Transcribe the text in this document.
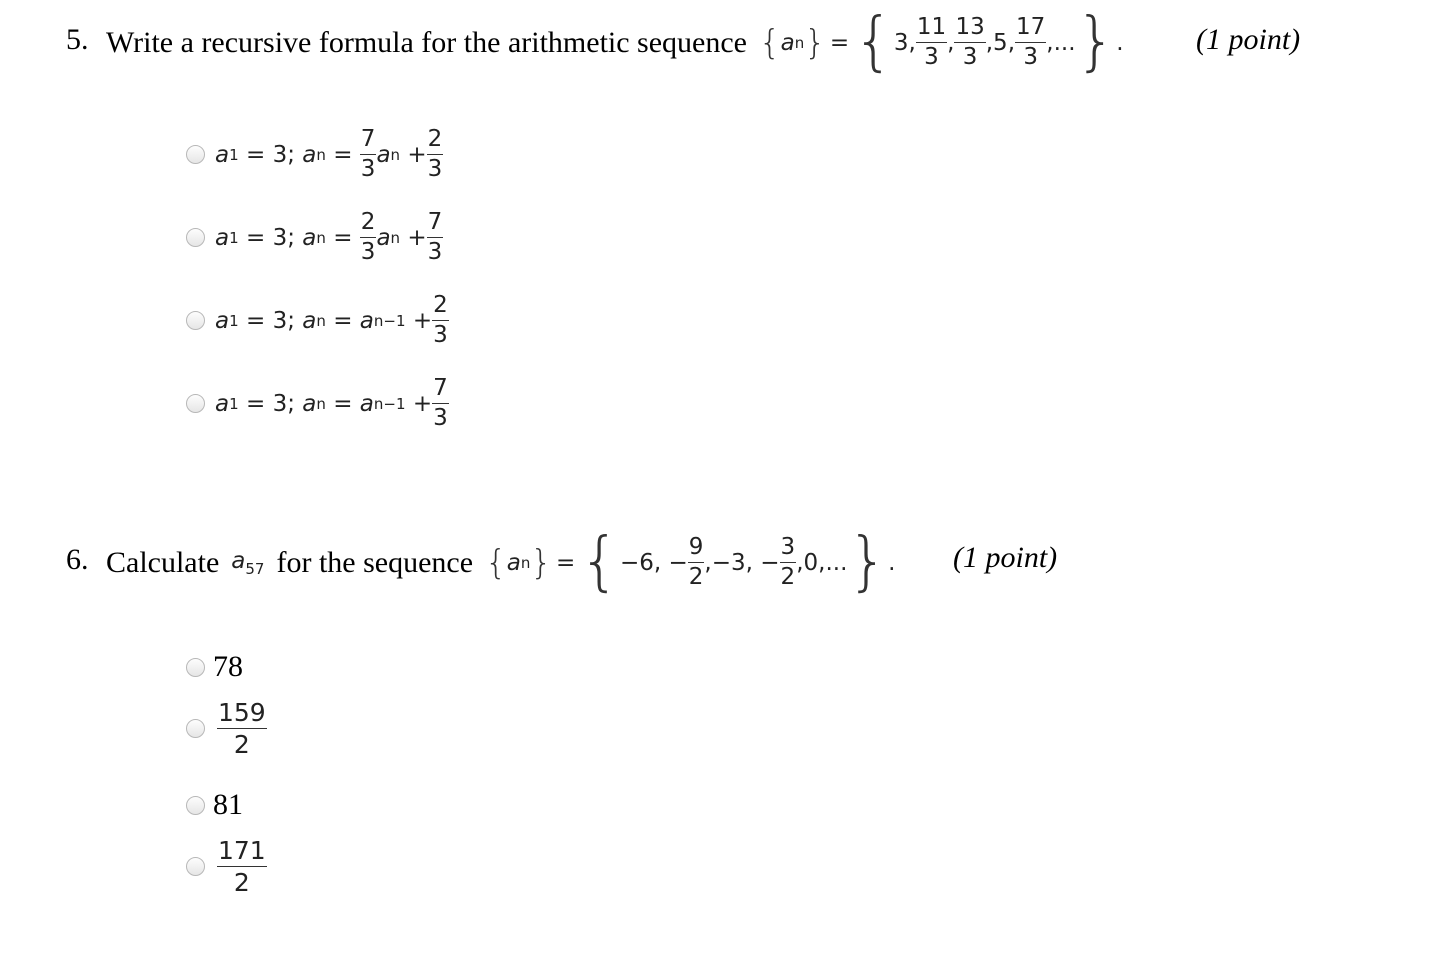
5. Write a recursive formula for the arithmetic sequence { a n } = { 3 ,
11
3
,
13
3
, 5 ,
17
3
, ... } . (1 point)
a 1 = 3 ; a n =
7
3
a n +
2
3
a 1 = 3 ; a n =
2
3
a n +
7
3
a 1 = 3 ; a n = a n−1 +
2
3
a 1 = 3 ; a n = a n−1 +
7
3
6. Calculate $a_{57}$ for the sequence { a n } = { −6 , −
9
2
, −3 , −
3
2
, 0 , ... } . (1 point)
78
$\frac{159}{2}$
81
$\frac{171}{2}$
